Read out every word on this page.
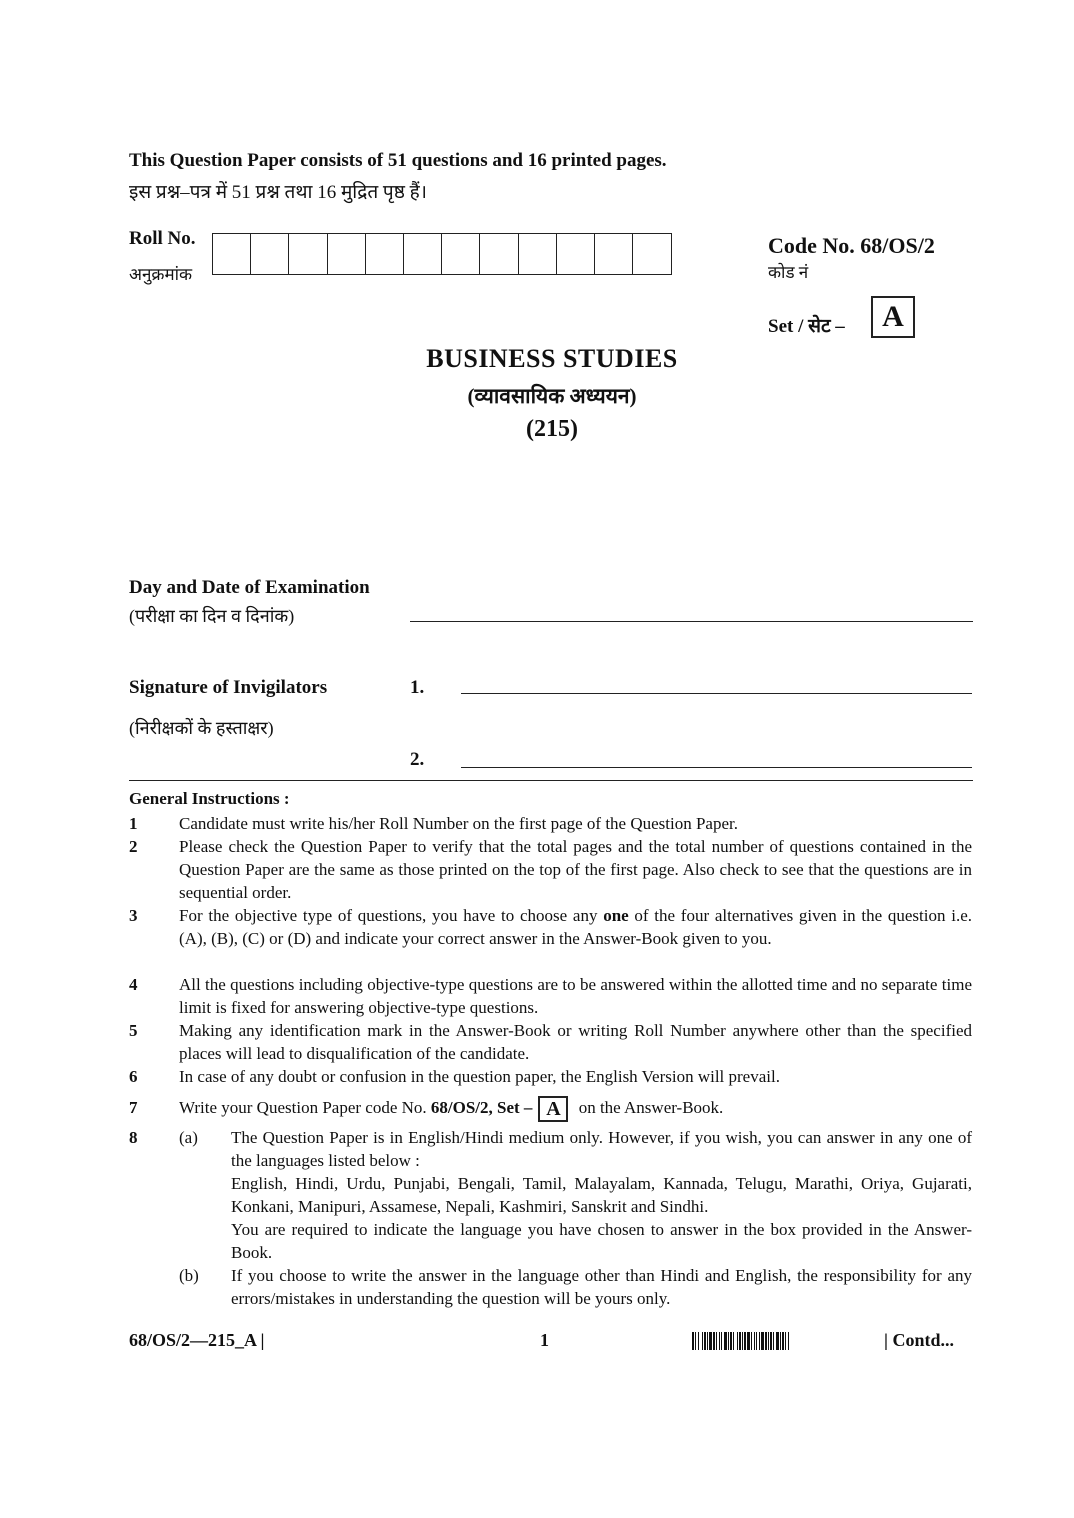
This Question Paper consists of 51 questions and 16 printed pages.
इस प्रश्न–पत्र में 51 प्रश्न तथा 16 मुद्रित पृष्ठ हैं।
Roll No.
अनुक्रमांक
Code No. 68/OS/2
कोड नं
Set / सेट –	A
BUSINESS STUDIES
(व्यावसायिक अध्ययन)
(215)
Day and Date of Examination
(परीक्षा का दिन व दिनांक)
Signature of Invigilators	1.
(निरीक्षकों के हस्ताक्षर)
2.
General Instructions :
1 Candidate must write his/her Roll Number on the first page of the Question Paper.
2 Please check the Question Paper to verify that the total pages and the total number of questions contained in the Question Paper are the same as those printed on the top of the first page. Also check to see that the questions are in sequential order.
3 For the objective type of questions, you have to choose any one of the four alternatives given in the question i.e. (A), (B), (C) or (D) and indicate your correct answer in the Answer-Book given to you.
4 All the questions including objective-type questions are to be answered within the allotted time and no separate time limit is fixed for answering objective-type questions.
5 Making any identification mark in the Answer-Book or writing Roll Number anywhere other than the specified places will lead to disqualification of the candidate.
6 In case of any doubt or confusion in the question paper, the English Version will prevail.
7 Write your Question Paper code No. 68/OS/2, Set – A on the Answer-Book.
8 (a) The Question Paper is in English/Hindi medium only. However, if you wish, you can answer in any one of the languages listed below :
English, Hindi, Urdu, Punjabi, Bengali, Tamil, Malayalam, Kannada, Telugu, Marathi, Oriya, Gujarati, Konkani, Manipuri, Assamese, Nepali, Kashmiri, Sanskrit and Sindhi.
You are required to indicate the language you have chosen to answer in the box provided in the Answer-Book.
(b) If you choose to write the answer in the language other than Hindi and English, the responsibility for any errors/mistakes in understanding the question will be yours only.
68/OS/2—215_A |	1	| Contd...
